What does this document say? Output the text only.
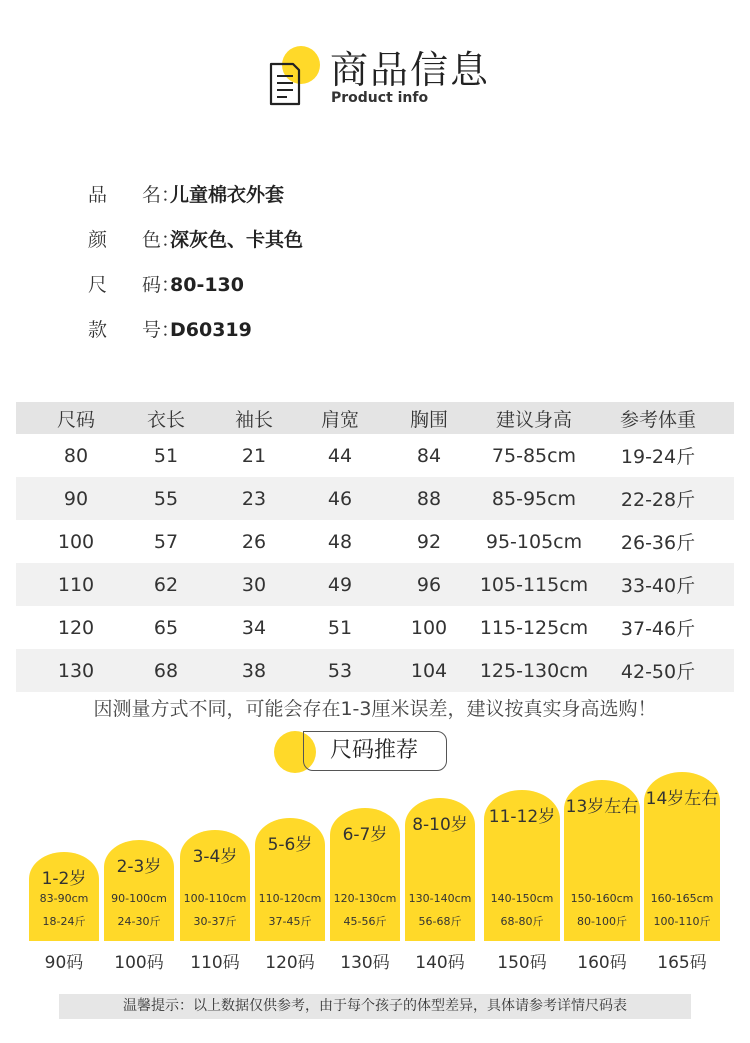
商品信息
Product info
品 名：儿童棉衣外套
颜 色：深灰色、卡其色
尺 码：80-130
款 号：D60319
尺码	衣长	袖长	肩宽	胸围	建议身高	参考体重
80	51	21	44	84	75-85cm	19-24斤
90	55	23	46	88	85-95cm	22-28斤
100	57	26	48	92	95-105cm	26-36斤
110	62	30	49	96	105-115cm	33-40斤
120	65	34	51	100	115-125cm	37-46斤
130	68	38	53	104	125-130cm	42-50斤
因测量方式不同，可能会存在1-3厘米误差，建议按真实身高选购！
尺码推荐
1-2岁
83-90cm
18-24斤
90码
2-3岁
90-100cm
24-30斤
100码
3-4岁
100-110cm
30-37斤
110码
5-6岁
110-120cm
37-45斤
120码
6-7岁
120-130cm
45-56斤
130码
8-10岁
130-140cm
56-68斤
140码
11-12岁
140-150cm
68-80斤
150码
13岁左右
150-160cm
80-100斤
160码
14岁左右
160-165cm
100-110斤
165码
温馨提示：以上数据仅供参考，由于每个孩子的体型差异，具体请参考详情尺码表
